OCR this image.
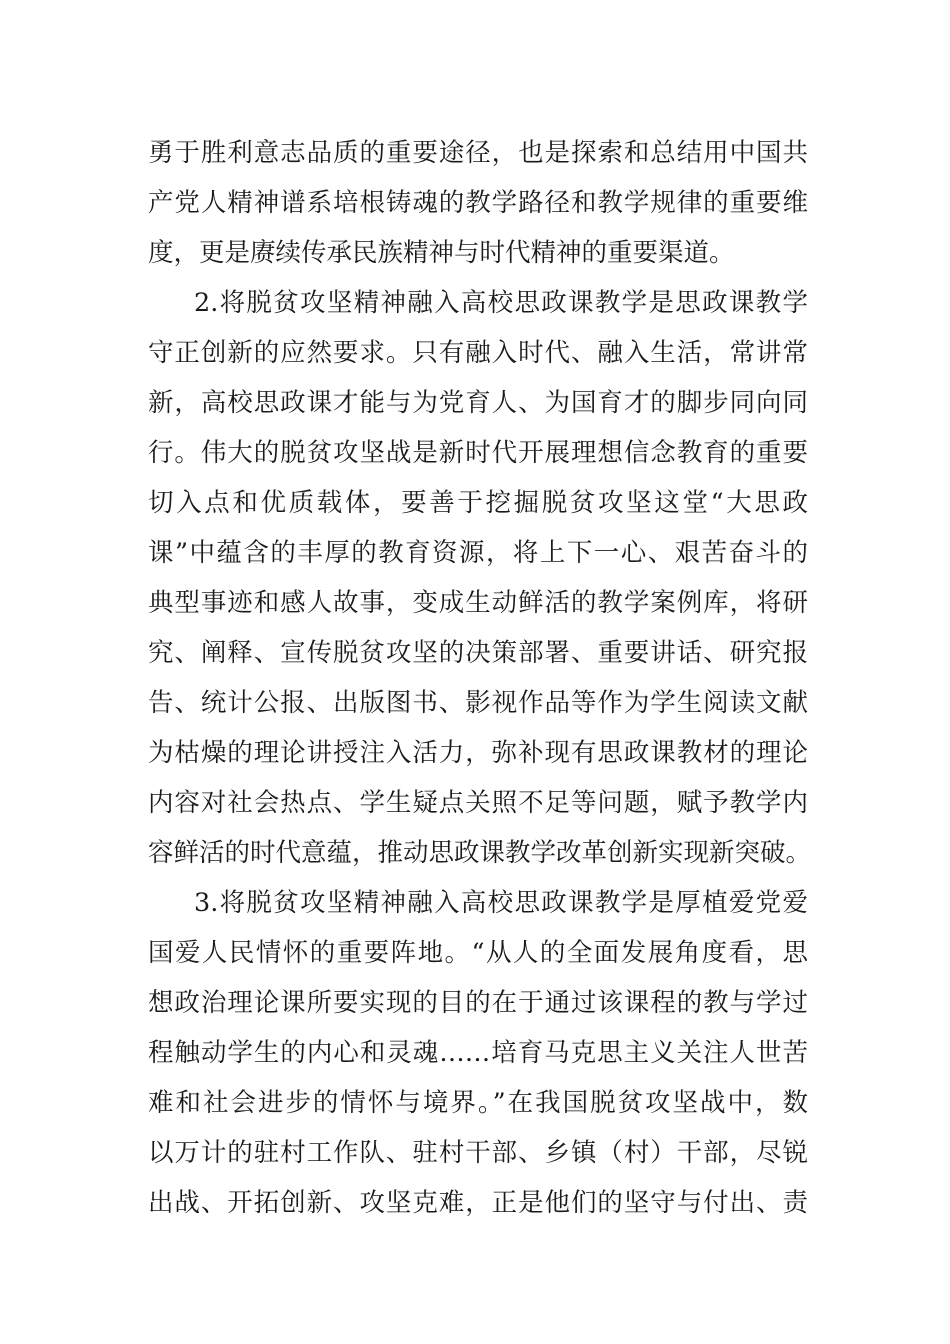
勇于胜利意志品质的重要途径，也是探索和总结用中国共
产党人精神谱系培根铸魂的教学路径和教学规律的重要维
度，更是赓续传承民族精神与时代精神的重要渠道。
2.将脱贫攻坚精神融入高校思政课教学是思政课教学
守正创新的应然要求。只有融入时代、融入生活，常讲常
新，高校思政课才能与为党育人、为国育才的脚步同向同
行。伟大的脱贫攻坚战是新时代开展理想信念教育的重要
切入点和优质载体，要善于挖掘脱贫攻坚这堂“大思政
课”中蕴含的丰厚的教育资源，将上下一心、艰苦奋斗的
典型事迹和感人故事，变成生动鲜活的教学案例库，将研
究、阐释、宣传脱贫攻坚的决策部署、重要讲话、研究报
告、统计公报、出版图书、影视作品等作为学生阅读文献
为枯燥的理论讲授注入活力，弥补现有思政课教材的理论
内容对社会热点、学生疑点关照不足等问题，赋予教学内
容鲜活的时代意蕴，推动思政课教学改革创新实现新突破。
3.将脱贫攻坚精神融入高校思政课教学是厚植爱党爱
国爱人民情怀的重要阵地。“从人的全面发展角度看，思
想政治理论课所要实现的目的在于通过该课程的教与学过
程触动学生的内心和灵魂……培育马克思主义关注人世苦
难和社会进步的情怀与境界。”在我国脱贫攻坚战中，数
以万计的驻村工作队、驻村干部、乡镇（村）干部，尽锐
出战、开拓创新、攻坚克难，正是他们的坚守与付出、责
